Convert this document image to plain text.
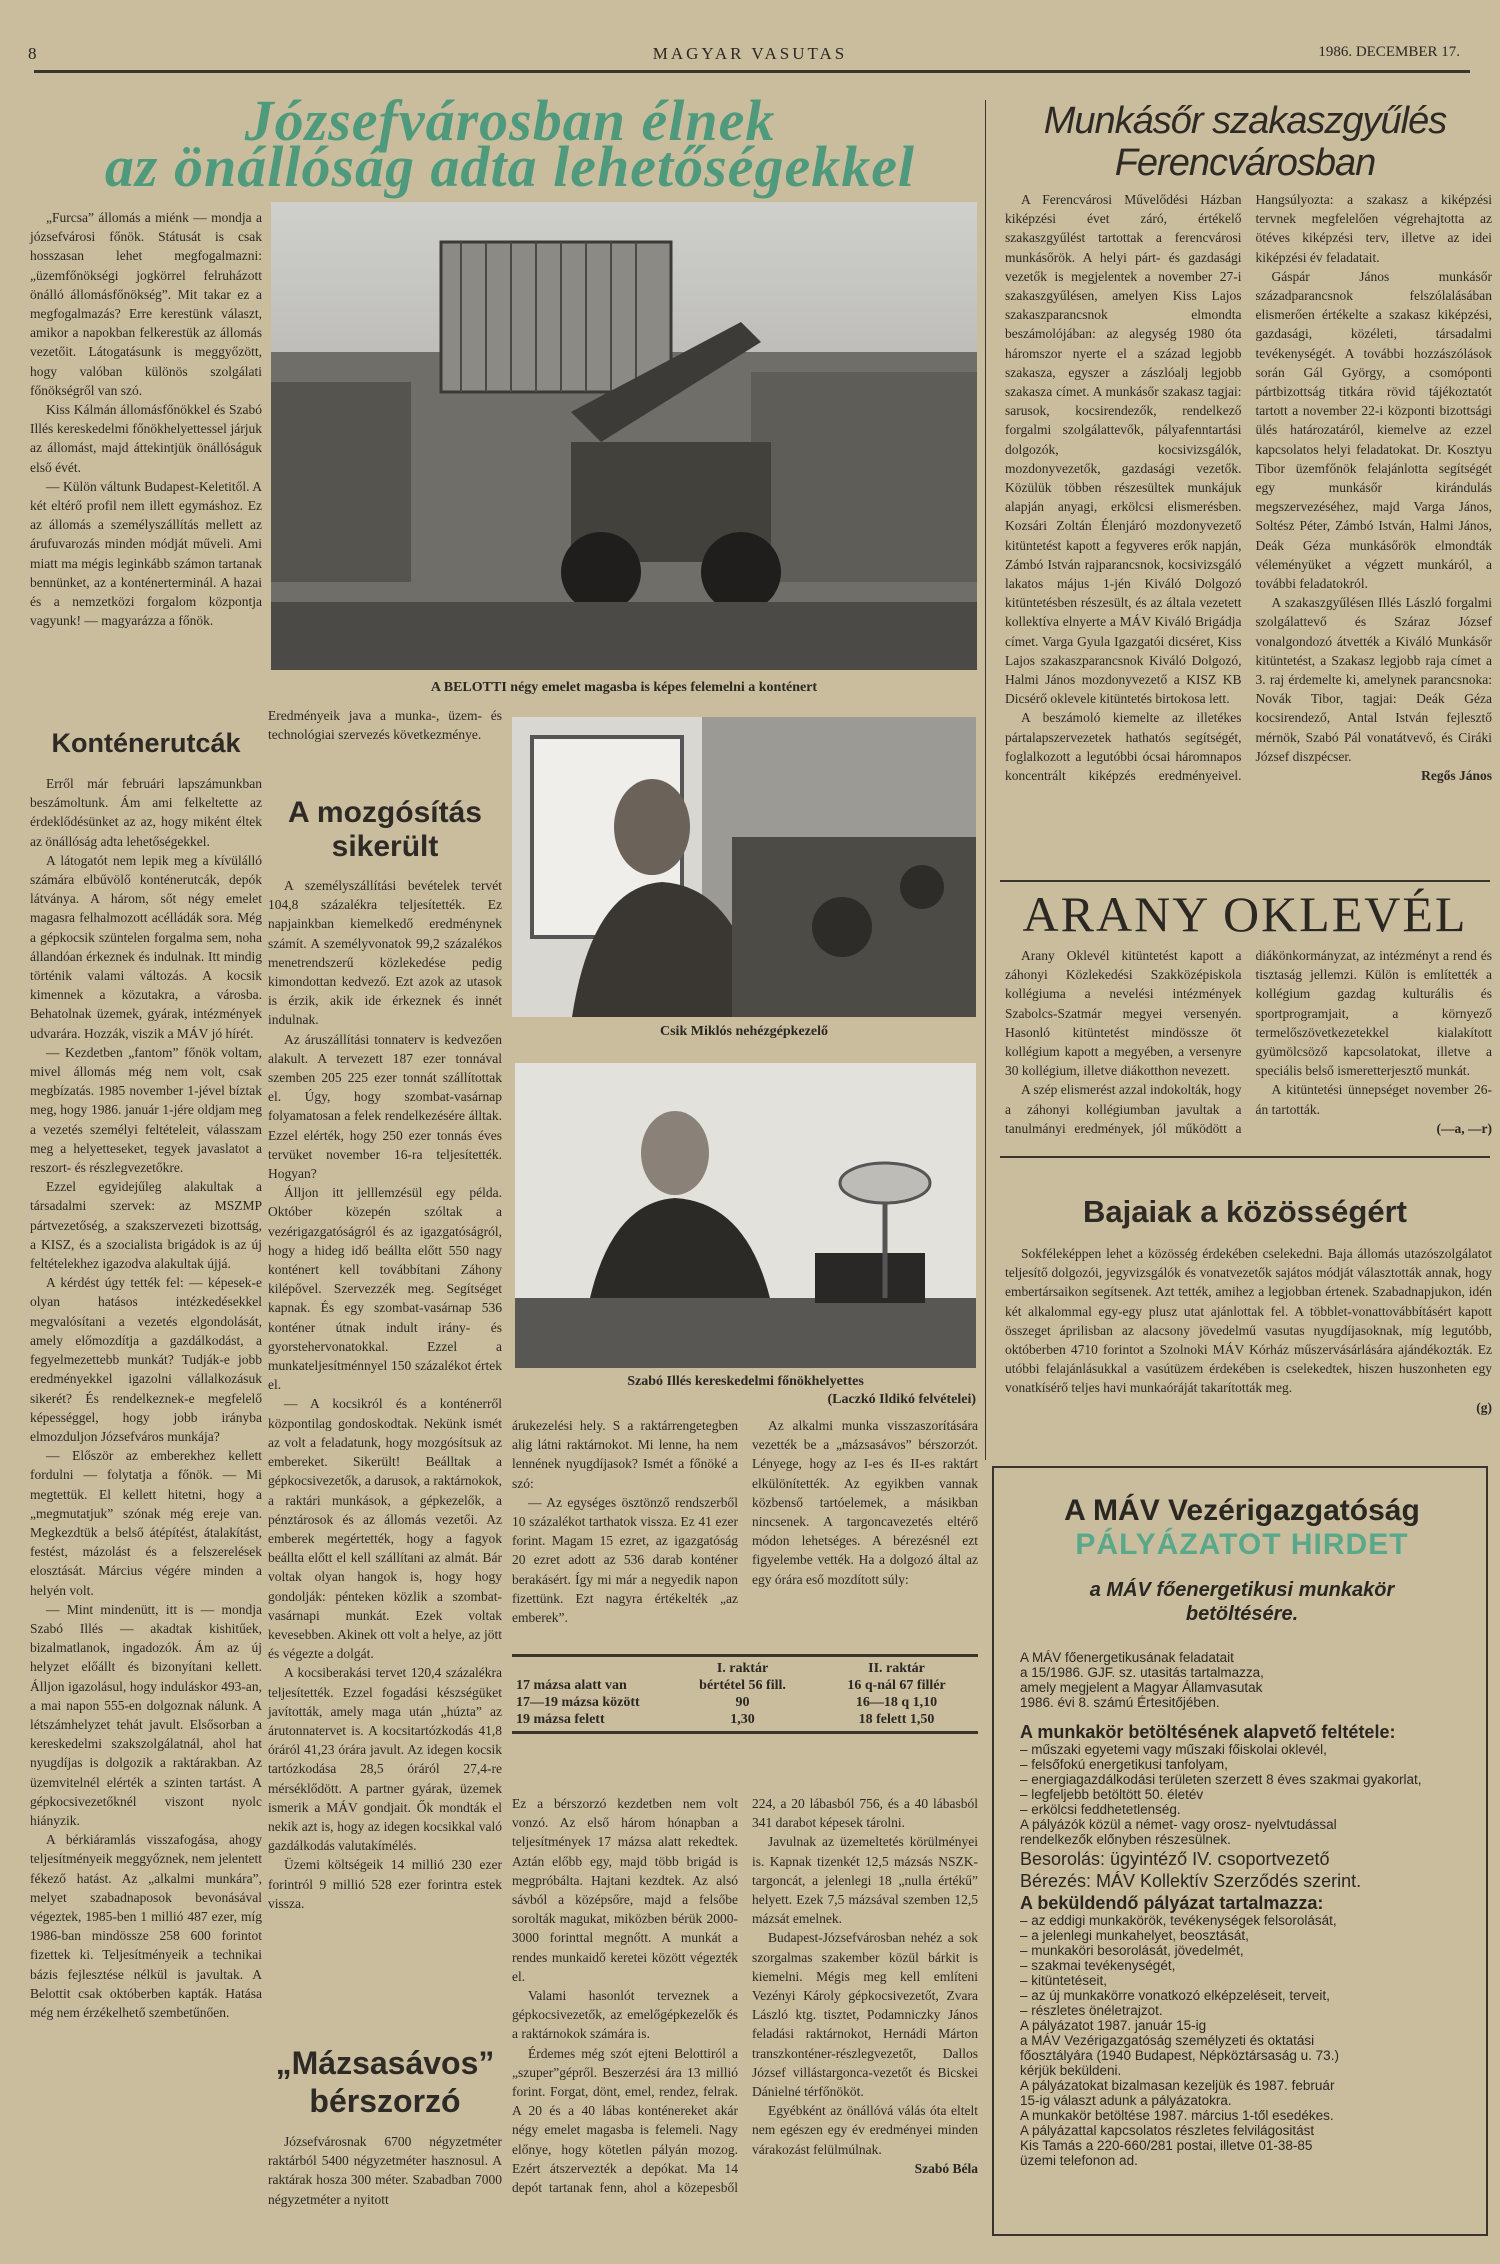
8	MAGYAR VASUTAS	1986. DECEMBER 17.
Józsefvárosban élnek
az önállóság adta lehetőségekkel

„Furcsa” állomás a miénk — mondja a józsefvárosi főnök. Státusát is csak hosszasan lehet megfogalmazni: „üzemfőnökségi jogkörrel felruházott önálló állomásfőnökség”. Mit takar ez a megfogalmazás? Erre kerestünk választ, amikor a napokban felkerestük az állomás vezetőit. Látogatásunk is meggyőzött, hogy valóban különös szolgálati főnökségről van szó.

Kiss Kálmán állomásfőnökkel és Szabó Illés kereskedelmi főnökhelyettessel járjuk az állomást, majd áttekintjük önállóságuk első évét.

— Külön váltunk Budapest-Keletitől. A két eltérő profil nem illett egymáshoz. Ez az állomás a személyszállítás mellett az árufuvarozás minden módját műveli. Ami miatt ma mégis leginkább számon tartanak bennünket, az a konténerterminál. A hazai és a nemzetközi forgalom központja vagyunk! — magyarázza a főnök.

A BELOTTI négy emelet magasba is képes felemelni a konténert
Konténerutcák

Erről már februári lapszámunkban beszámoltunk. Ám ami felkeltette az érdeklődésünket az az, hogy miként éltek az önállóság adta lehetőségekkel.

A látogatót nem lepik meg a kívülálló számára elbűvölő konténerutcák, depók látványa. A három, sőt négy emelet magasra felhalmozott acélládák sora. Még a gépkocsik szüntelen forgalma sem, noha állandóan érkeznek és indulnak. Itt mindig történik valami változás. A kocsik kimennek a közutakra, a városba. Behatolnak üzemek, gyárak, intézmények udvarára. Hozzák, viszik a MÁV jó hírét.

— Kezdetben „fantom” főnök voltam, mivel állomás még nem volt, csak megbízatás. 1985 november 1-jével bíztak meg, hogy 1986. január 1-jére oldjam meg a vezetés személyi feltételeit, válasszam meg a helyetteseket, tegyek javaslatot a reszort- és részlegvezetőkre.

Ezzel egyidejűleg alakultak a társadalmi szervek: az MSZMP pártvezetőség, a szakszervezeti bizottság, a KISZ, és a szocialista brigádok is az új feltételekhez igazodva alakultak újjá.

A kérdést úgy tették fel: — képesek-e olyan hatásos intézkedésekkel megvalósítani a vezetés elgondolását, amely előmozdítja a gazdálkodást, a fegyelmezettebb munkát? Tudják-e jobb eredményekkel igazolni vállalkozásuk sikerét? És rendelkeznek-e megfelelő képességgel, hogy jobb irányba elmozduljon Józsefváros munkája?

— Először az emberekhez kellett fordulni — folytatja a főnök. — Mi megtettük. El kellett hitetni, hogy a „megmutatjuk” szónak még ereje van. Megkezdtük a belső átépítést, átalakítást, festést, mázolást és a felszerelések elosztását. Március végére minden a helyén volt.

— Mint mindenütt, itt is — mondja Szabó Illés — akadtak kishitűek, bizalmatlanok, ingadozók. Ám az új helyzet előállt és bizonyítani kellett. Álljon igazolásul, hogy induláskor 493-an, a mai napon 555-en dolgoznak nálunk. A létszámhelyzet tehát javult. Elsősorban a kereskedelmi szakszolgálatnál, ahol hat nyugdíjas is dolgozik a raktárakban. Az üzemvitelnél elérték a szinten tartást. A gépkocsivezetőknél viszont nyolc hiányzik.

A bérkiáramlás visszafogása, ahogy teljesítményeik meggyőznek, nem jelentett fékező hatást. Az „alkalmi munkára”, melyet szabadnaposok bevonásával végeztek, 1985-ben 1 millió 487 ezer, míg 1986-ban mindössze 258 600 forintot fizettek ki. Teljesítményeik a technikai bázis fejlesztése nélkül is javultak. A Belottit csak októberben kapták. Hatása még nem érzékelhető szembetűnően.

Eredményeik java a munka-, üzem- és technológiai szervezés következménye.

A mozgósítás sikerült

A személyszállítási bevételek tervét 104,8 százalékra teljesítették. Ez napjainkban kiemelkedő eredménynek számít. A személyvonatok 99,2 százalékos menetrendszerű közlekedése pedig kimondottan kedvező. Ezt azok az utasok is érzik, akik ide érkeznek és innét indulnak.

Az áruszállítási tonnaterv is kedvezően alakult. A tervezett 187 ezer tonnával szemben 205 225 ezer tonnát szállítottak el. Úgy, hogy szombat-vasárnap folyamatosan a felek rendelkezésére álltak. Ezzel elérték, hogy 250 ezer tonnás éves tervüket november 16-ra teljesítették. Hogyan?

Álljon itt jelllemzésül egy példa. Október közepén szóltak a vezérigazgatóságról és az igazgatóságról, hogy a hideg idő beállta előtt 550 nagy konténert kell továbbítani Záhony kilépővel. Szervezzék meg. Segítséget kapnak. És egy szombat-vasárnap 536 konténer útnak indult irány- és gyorstehervonatokkal. Ezzel a munkateljesítménnyel 150 százalékot értek el.

— A kocsikról és a konténerről központilag gondoskodtak. Nekünk ismét az volt a feladatunk, hogy mozgósítsuk az embereket. Sikerült! Beálltak a gépkocsivezetők, a darusok, a raktárnokok, a raktári munkások, a gépkezelők, a pénztárosok és az állomás vezetői. Az emberek megértették, hogy a fagyok beállta előtt el kell szállítani az almát. Bár voltak olyan hangok is, hogy hogy gondolják: pénteken közlik a szombat-vasárnapi munkát. Ezek voltak kevesebben. Akinek ott volt a helye, az jött és végezte a dolgát.

A kocsiberakási tervet 120,4 százalékra teljesítették. Ezzel fogadási készségüket javították, amely maga után „húzta” az árutonnatervet is. A kocsitartózkodás 41,8 óráról 41,23 órára javult. Az idegen kocsik tartózkodása 28,5 óráról 27,4-re mérséklődött. A partner gyárak, üzemek ismerik a MÁV gondjait. Ők mondták el nekik azt is, hogy az idegen kocsikkal való gazdálkodás valutakímélés.

Üzemi költségeik 14 millió 230 ezer forintról 9 millió 528 ezer forintra estek vissza.

„Mázsasávos”
bérszorzó

Józsefvárosnak 6700 négyzetméter raktárból 5400 négyzetméter hasznosul. A raktárak hosza 300 méter. Szabadban 7000 négyzetméter a nyitott

Csik Miklós nehézgépkezelő
Szabó Illés kereskedelmi főnökhelyettes
(Laczkó Ildikó felvételei)

árukezelési hely. S a raktárrengetegben alig látni raktárnokot. Mi lenne, ha nem lennének nyugdíjasok? Ismét a főnöké a szó:

— Az egységes ösztönző rendszerből 10 százalékot tarthatok vissza. Ez 41 ezer forint. Magam 15 ezret, az igazgatóság 20 ezret adott az 536 darab konténer berakásért. Így mi már a negyedik napon fizettünk. Ezt nagyra értékelték „az emberek”.

Az alkalmi munka visszaszorítására vezették be a „mázsasávos” bérszorzót. Lényege, hogy az I-es és II-es raktárt elkülönítették. Az egyikben vannak közbenső tartóelemek, a másikban nincsenek. A targoncavezetés eltérő módon lehetséges. A bérezésnél ezt figyelembe vették. Ha a dolgozó által az egy órára eső mozdított súly:

	I. raktár	II. raktár
17 mázsa alatt van	bértétel 56 fill.	16 q-nál 67 fillér
17—19 mázsa között	90	16—18 q 1,10
19 mázsa felett	1,30	18 felett 1,50

Ez a bérszorzó kezdetben nem volt vonzó. Az első három hónapban a teljesítmények 17 mázsa alatt rekedtek. Aztán előbb egy, majd több brigád is megpróbálta. Hajtani kezdtek. Az alsó sávból a középsőre, majd a felsőbe sorolták magukat, miközben bérük 2000-3000 forinttal megnőtt. A munkát a rendes munkaidő keretei között végezték el.

Valami hasonlót terveznek a gépkocsivezetők, az emelőgépkezelők és a raktárnokok számára is.

Érdemes még szót ejteni Belottiról a „szuper”gépről. Beszerzési ára 13 millió forint. Forgat, dönt, emel, rendez, felrak. A 20 és a 40 lábas konténereket akár négy emelet magasba is felemeli. Nagy előnye, hogy kötetlen pályán mozog. Ezért átszervezték a depókat. Ma 14 depót tartanak fenn, ahol a közepesből 224, a 20 lábasból 756, és a 40 lábasból 341 darabot képesek tárolni.

Javulnak az üzemeltetés körülményei is. Kapnak tizenkét 12,5 mázsás NSZK-targoncát, a jelenlegi 18 „nulla értékű” helyett. Ezek 7,5 mázsával szemben 12,5 mázsát emelnek.

Budapest-Józsefvárosban nehéz a sok szorgalmas szakember közül bárkit is kiemelni. Mégis meg kell említeni Vezényi Károly gépkocsivezetőt, Zvara László ktg. tisztet, Podamniczky János feladási raktárnokot, Hernádi Márton transzkonténer-részlegvezetőt, Dallos József villástargonca-vezetőt és Bicskei Dánielné térfőnököt.

Egyébként az önállóvá válás óta eltelt nem egészen egy év eredményei minden várakozást felülmúlnak.

Szabó Béla
Munkásőr szakaszgyűlés
Ferencvárosban

A Ferencvárosi Művelődési Házban kiképzési évet záró, értékelő szakaszgyűlést tartottak a ferencvárosi munkásőrök. A helyi párt- és gazdasági vezetők is megjelentek a november 27-i szakaszgyűlésen, amelyen Kiss Lajos szakaszparancsnok elmondta beszámolójában: az alegység 1980 óta háromszor nyerte el a század legjobb szakasza, egyszer a zászlóalj legjobb szakasza címet. A munkásőr szakasz tagjai: sarusok, kocsirendezők, rendelkező forgalmi szolgálattevők, pályafenntartási dolgozók, kocsivizsgálók, mozdonyvezetők, gazdasági vezetők. Közülük többen részesültek munkájuk alapján anyagi, erkölcsi elismerésben. Kozsári Zoltán Élenjáró mozdonyvezető kitüntetést kapott a fegyveres erők napján, Zámbó István rajparancsnok, kocsivizsgáló lakatos május 1-jén Kiváló Dolgozó kitüntetésben részesült, és az általa vezetett kollektíva elnyerte a MÁV Kiváló Brigádja címet. Varga Gyula Igazgatói dicséret, Kiss Lajos szakaszparancsnok Kiváló Dolgozó, Halmi János mozdonyvezető a KISZ KB Dicsérő oklevele kitüntetés birtokosa lett.

A beszámoló kiemelte az illetékes pártalapszervezetek hathatós segítségét, foglalkozott a legutóbbi ócsai háromnapos koncentrált kiképzés eredményeivel. Hangsúlyozta: a szakasz a kiképzési tervnek megfelelően végrehajtotta az ötéves kiképzési terv, illetve az idei kiképzési év feladatait.

Gáspár János munkásőr századparancsnok felszólalásában elismerően értékelte a szakasz kiképzési, gazdasági, közéleti, társadalmi tevékenységét. A további hozzászólások során Gál György, a csomóponti pártbizottság titkára rövid tájékoztatót tartott a november 22-i központi bizottsági ülés határozatáról, kiemelve az ezzel kapcsolatos helyi feladatokat. Dr. Kosztyu Tibor üzemfőnök felajánlotta segítségét egy munkásőr kirándulás megszervezéséhez, majd Varga János, Soltész Péter, Zámbó István, Halmi János, Deák Géza munkásőrök elmondták véleményüket a végzett munkáról, a további feladatokról.

A szakaszgyűlésen Illés László forgalmi szolgálattevő és Száraz József vonalgondozó átvették a Kiváló Munkásőr kitüntetést, a Szakasz legjobb raja címet a 3. raj érdemelte ki, amelynek parancsnoka: Novák Tibor, tagjai: Deák Géza kocsirendező, Antal István fejlesztő mérnök, Szabó Pál vonatátvevő, és Ciráki József diszpécser.

Regős János
ARANY OKLEVÉL

Arany Oklevél kitüntetést kapott a záhonyi Közlekedési Szakközépiskola kollégiuma a nevelési intézmények Szabolcs-Szatmár megyei versenyén. Hasonló kitüntetést mindössze öt kollégium kapott a megyében, a versenyre 30 kollégium, illetve diákotthon nevezett.

A szép elismerést azzal indokolták, hogy a záhonyi kollégiumban javultak a tanulmányi eredmények, jól működött a diákönkormányzat, az intézményt a rend és tisztaság jellemzi. Külön is említették a kollégium gazdag kulturális és sportprogramjait, a környező termelőszövetkezetekkel kialakított gyümölcsöző kapcsolatokat, illetve a speciális belső ismeretterjesztő munkát.

A kitüntetési ünnepséget november 26-án tartották.

(—a, —r)
Bajaiak a közösségért

Sokféleképpen lehet a közösség érdekében cselekedni. Baja állomás utazószolgálatot teljesítő dolgozói, jegyvizsgálók és vonatvezetők sajátos módját választották annak, hogy embertársaikon segítsenek. Azt tették, amihez a legjobban értenek. Szabadnapjukon, idén két alkalommal egy-egy plusz utat ajánlottak fel. A többlet-vonattovábbításért kapott összeget áprilisban az alacsony jövedelmű vasutas nyugdíjasoknak, míg legutóbb, októberben 4710 forintot a Szolnoki MÁV Kórház műszervásárlására ajándékozták. Ez utóbbi felajánlásukkal a vasútüzem érdekében is cselekedtek, hiszen huszonheten egy vonatkísérő teljes havi munkaóráját takarították meg.

(g)
A MÁV Vezérigazgatóság
PÁLYÁZATOT HIRDET
a MÁV főenergetikusi munkakör
betöltésére.

A MÁV főenergetikusának feladatait

a 15/1986. GJF. sz. utasitás tartalmazza,

amely megjelent a Magyar Államvasutak

1986. évi 8. számú Értesitőjében.

A munkakör betöltésének alapvető feltétele:

– műszaki egyetemi vagy műszaki főiskolai oklevél,

– felsőfokú energetikusi tanfolyam,

– energiagazdálkodási területen szerzett 8 éves szakmai gyakorlat,

– legfeljebb betöltött 50. életév

– erkölcsi feddhetetlenség.

A pályázók közül a német- vagy orosz- nyelvtudással

rendelkezők előnyben részesülnek.

Besorolás: ügyintéző IV. csoportvezető

Bérezés: MÁV Kollektív Szerződés szerint.

A beküldendő pályázat tartalmazza:

– az eddigi munkakörök, tevékenységek felsorolását,

– a jelenlegi munkahelyet, beosztását,

– munkaköri besorolását, jövedelmét,

– szakmai tevékenységét,

– kitüntetéseit,

– az új munkakörre vonatkozó elképzeléseit, terveit,

– részletes önéletrajzot.

A pályázatot 1987. január 15-ig

a MÁV Vezérigazgatóság személyzeti és oktatási

főosztályára (1940 Budapest, Népköztársaság u. 73.)

kérjük beküldeni.

A pályázatokat bizalmasan kezeljük és 1987. február

15-ig választ adunk a pályázatokra.

A munkakör betöltése 1987. március 1-től esedékes.

A pályázattal kapcsolatos részletes felvilágositást

Kis Tamás a 220-660/281 postai, illetve 01-38-85

üzemi telefonon ad.
